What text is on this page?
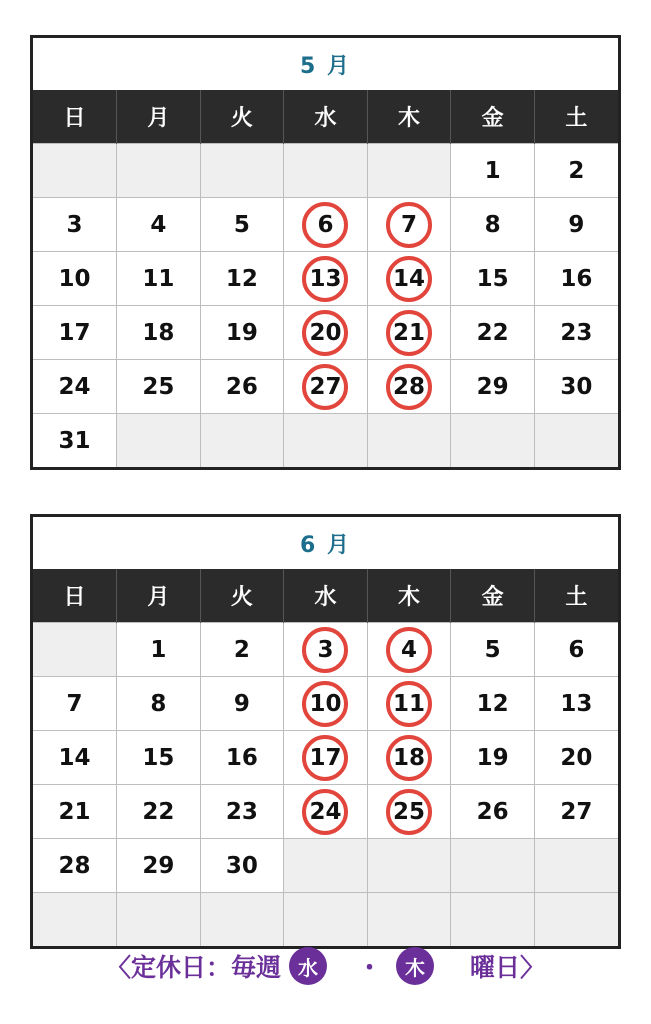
5 月
日	月	火	水	木	金	土
					1	2
3	4	5	6	7	8	9
10	11	12	13	14	15	16
17	18	19	20	21	22	23
24	25	26	27	28	29	30
31						
6 月
日	月	火	水	木	金	土
	1	2	3	4	5	6
7	8	9	10	11	12	13
14	15	16	17	18	19	20
21	22	23	24	25	26	27
28	29	30				

〈定休日：毎週 水	・	木	曜日〉
